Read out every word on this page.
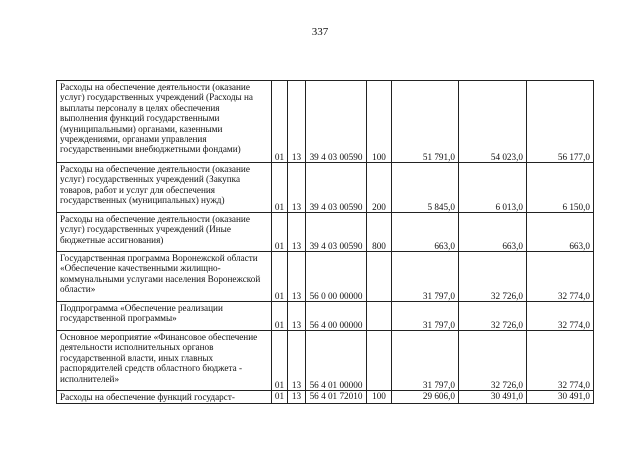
337
Расходы на обеспечение деятельности (оказание услуг) государственных учреждений (Расходы на выплаты персоналу в целях обеспечения выполнения функций государственными (муниципальными) органами, казенными учреждениями, органами управления государственными внебюджетными фондами)	01	13	39 4 03 00590	100	51 791,0	54 023,0	56 177,0
Расходы на обеспечение деятельности (оказание услуг) государственных учреждений (Закупка товаров, работ и услуг для обеспечения государственных (муниципальных) нужд)	01	13	39 4 03 00590	200	5 845,0	6 013,0	6 150,0
Расходы на обеспечение деятельности (оказание услуг) государственных учреждений (Иные бюджетные ассигнования)	01	13	39 4 03 00590	800	663,0	663,0	663,0
Государственная программа Воронежской области «Обеспечение качественными жилищно-коммунальными услугами населения Воронежской области»	01	13	56 0 00 00000		31 797,0	32 726,0	32 774,0
Подпрограмма «Обеспечение реализации государственной программы»	01	13	56 4 00 00000		31 797,0	32 726,0	32 774,0
Основное мероприятие «Финансовое обеспечение деятельности исполнительных органов государственной власти, иных главных распорядителей средств областного бюджета - исполнителей»	01	13	56 4 01 00000		31 797,0	32 726,0	32 774,0
Расходы на обеспечение функций государст-	01	13	56 4 01 72010	100	29 606,0	30 491,0	30 491,0
